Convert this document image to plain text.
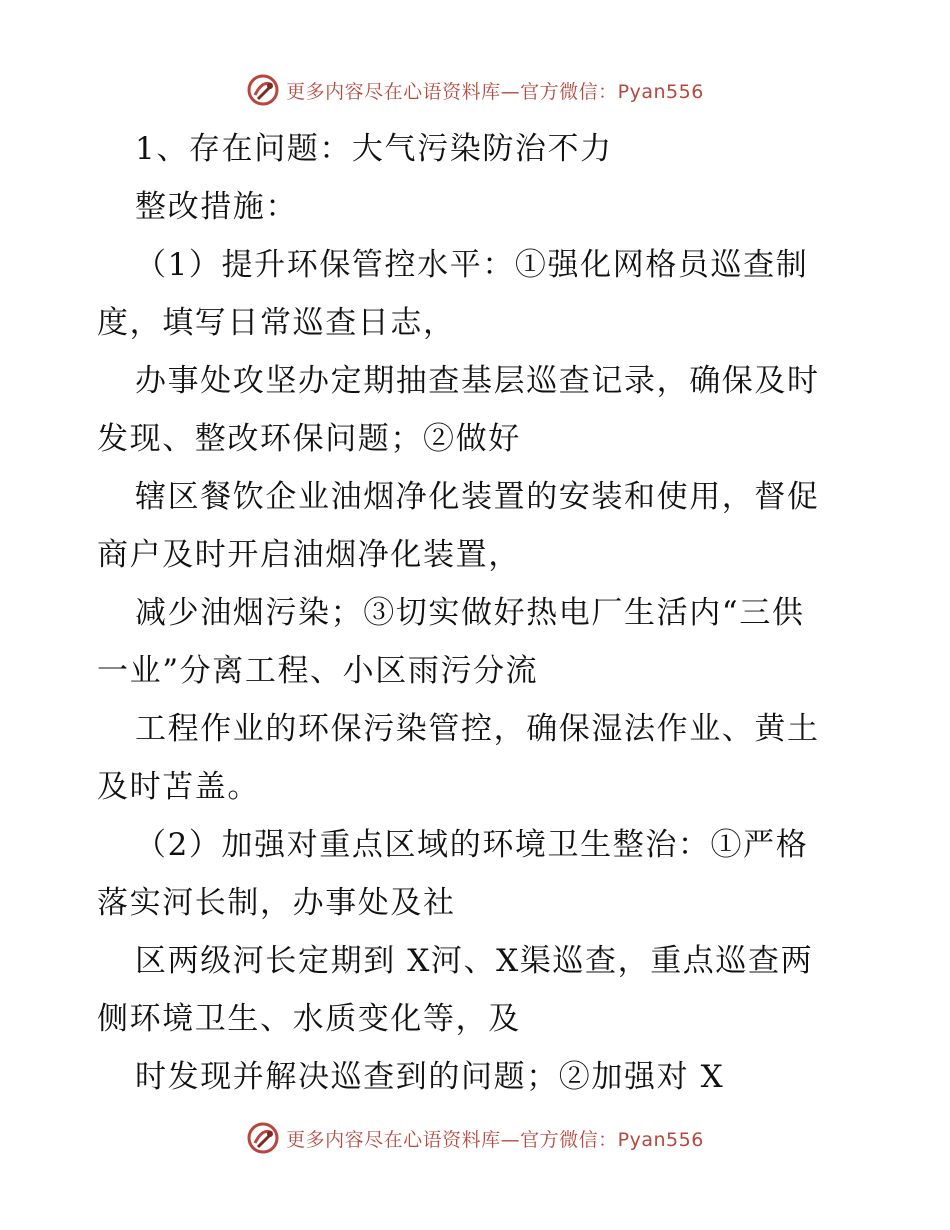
更多内容尽在心语资料库—官方微信：Pyan556
1、存在问题：大气污染防治不力
整改措施：
（1）提升环保管控水平：①强化网格员巡查制
度，填写日常巡查日志，
办事处攻坚办定期抽查基层巡查记录，确保及时
发现、整改环保问题；②做好
辖区餐饮企业油烟净化装置的安装和使用，督促
商户及时开启油烟净化装置，
减少油烟污染；③切实做好热电厂生活内“三供
一业”分离工程、小区雨污分流
工程作业的环保污染管控，确保湿法作业、黄土
及时苫盖。
（2）加强对重点区域的环境卫生整治：①严格
落实河长制，办事处及社
区两级河长定期到 X河、X渠巡查，重点巡查两
侧环境卫生、水质变化等，及
时发现并解决巡查到的问题；②加强对 X
更多内容尽在心语资料库—官方微信：Pyan556
